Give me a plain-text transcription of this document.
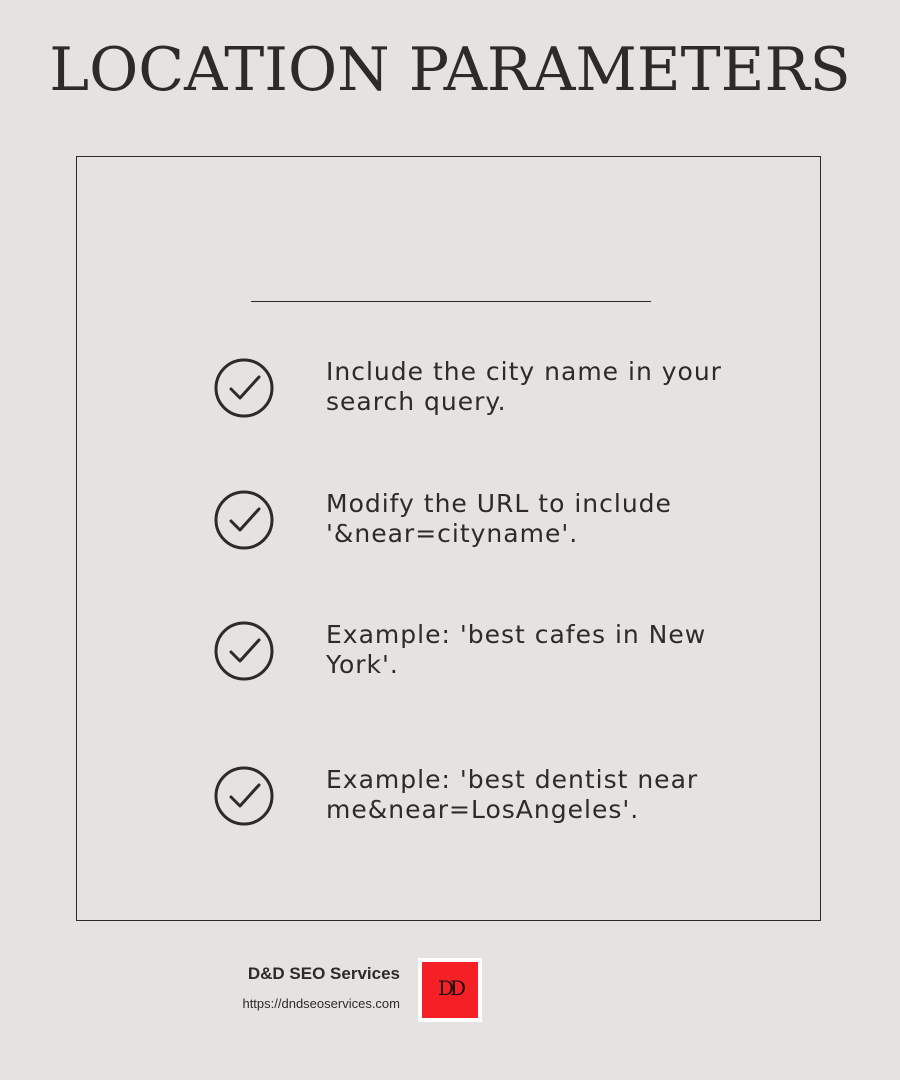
LOCATION PARAMETERS
Include the city name in your search query.
Modify the URL to include '&near=cityname'.
Example: 'best cafes in New York'.
Example: 'best dentist near me&near=LosAngeles'.
D&D SEO Services
https://dndseoservices.com
DD
